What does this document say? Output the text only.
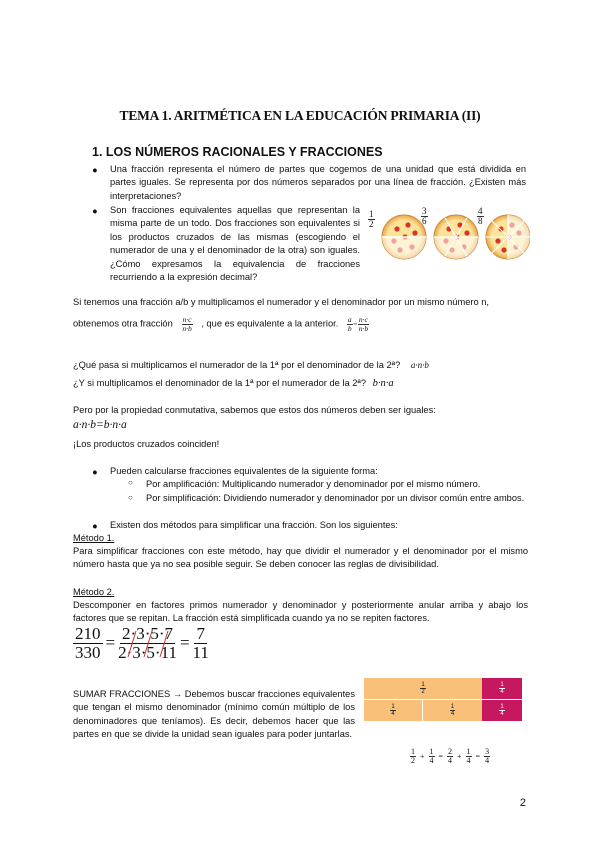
TEMA 1. ARITMÉTICA EN LA EDUCACIÓN PRIMARIA (II)
1. LOS NÚMEROS RACIONALES Y FRACCIONES
● Una fracción representa el número de partes que cogemos de una unidad que está dividida en partes iguales. Se representa por dos números separados por una línea de fracción. ¿Existen más interpretaciones?
● Son fracciones equivalentes aquellas que representan la misma parte de un todo. Dos fracciones son equivalentes si los productos cruzados de las mismas (escogiendo el numerador de una y el denominador de la otra) son iguales. ¿Cómo expresamos la equivalencia de fracciones recurriendo a la expresión decimal?
$\frac{1}{2}$	$\frac{3}{6}$	$\frac{4}{8}$
Si tenemos una fracción a/b y multiplicamos el numerador y el denominador por un mismo número n,
obtenemos otra fracción $\frac{n\cdot c}{n\cdot b}$ , que es equivalente a la anterior. $\frac{a}{b} = \frac{n\cdot c}{n\cdot b}$
¿Qué pasa si multiplicamos el numerador de la 1ª por el denominador de la 2ª? a·n·b
¿Y si multiplicamos el denominador de la 1ª por el numerador de la 2ª? b·n·a
Pero por la propiedad conmutativa, sabemos que estos dos números deben ser iguales:
a·n·b=b·n·a
¡Los productos cruzados coinciden!
● Pueden calcularse fracciones equivalentes de la siguiente forma:
○ Por amplificación: Multiplicando numerador y denominador por el mismo número.
○ Por simplificación: Dividiendo numerador y denominador por un divisor común entre ambos.
● Existen dos métodos para simplificar una fracción. Son los siguientes:
Método 1.
Para simplificar fracciones con este método, hay que dividir el numerador y el denominador por el mismo número hasta que ya no sea posible seguir. Se deben conocer las reglas de divisibilidad.
Método 2.
Descomponer en factores primos numerador y denominador y posteriormente anular arriba y abajo los factores que se repitan. La fracción está simplificada cuando ya no se repiten factores.
$\frac{210}{330} = \frac{2\cdot 3\cdot 5\cdot 7}{2\cdot 3\cdot 5\cdot 11} = \frac{7}{11}$
SUMAR FRACCIONES → Debemos buscar fracciones equivalentes que tengan el mismo denominador (mínimo común múltiplo de los denominadores que teníamos). Es decir, debemos hacer que las partes en que se divide la unidad sean iguales para poder juntarlas.
$\frac{1}{2}$	$\frac{1}{4}$
$\frac{1}{4}$	$\frac{1}{4}$	$\frac{1}{4}$
$\frac{1}{2} + \frac{1}{4} = \frac{2}{4} + \frac{1}{4} = \frac{3}{4}$
2
